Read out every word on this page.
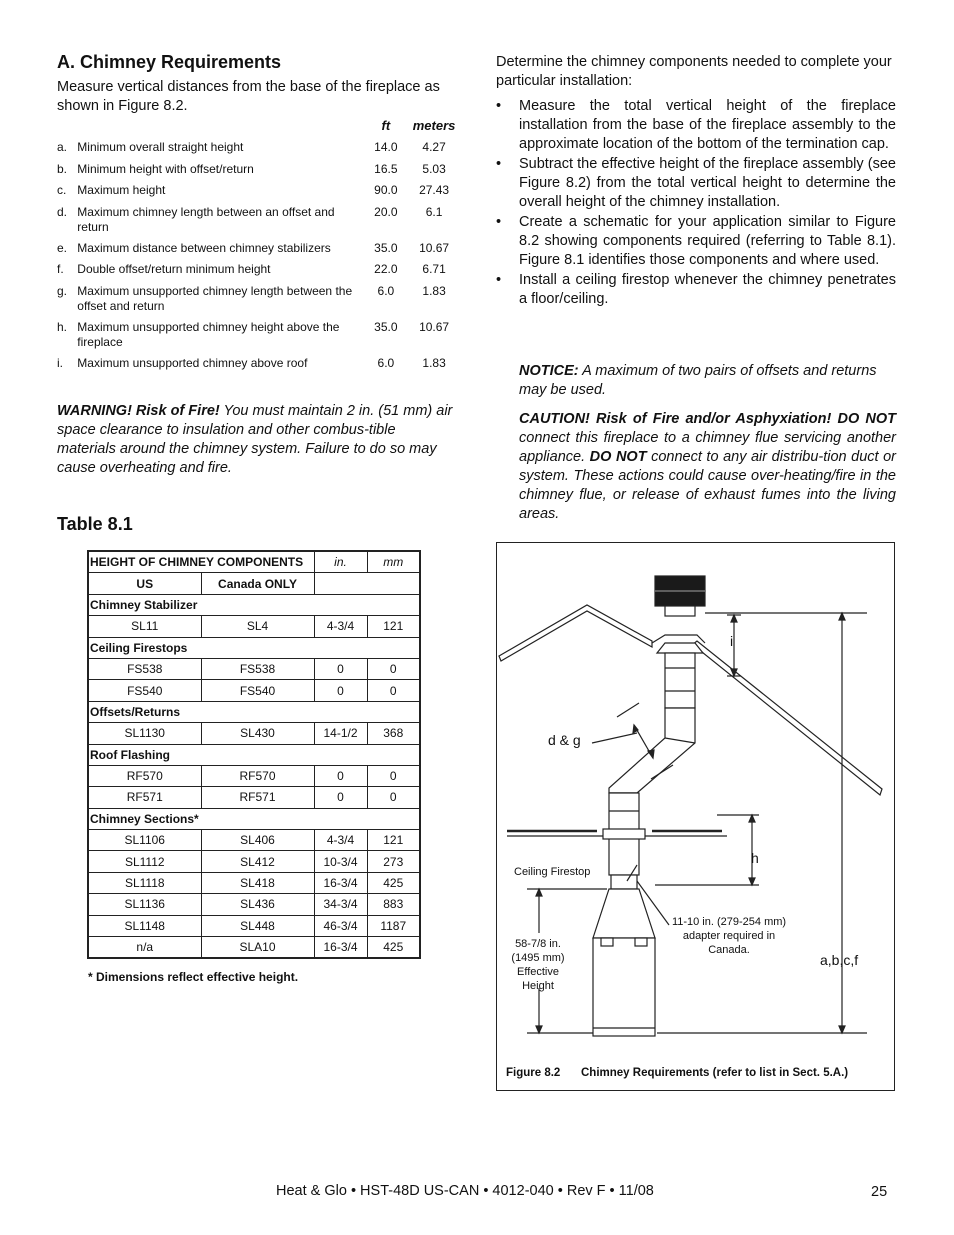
A. Chimney Requirements
Measure vertical distances from the base of the fireplace as shown in Figure 8.2.
		ft	meters
a.	Minimum overall straight height	14.0	4.27
b.	Minimum height with offset/return	16.5	5.03
c.	Maximum height	90.0	27.43
d.	Maximum chimney length between an offset and return	20.0	6.1
e.	Maximum distance between chimney stabilizers	35.0	10.67
f.	Double offset/return minimum height	22.0	6.71
g.	Maximum unsupported chimney length between the offset and return	6.0	1.83
h.	Maximum unsupported chimney height above the fireplace	35.0	10.67
i.	Maximum unsupported chimney above roof	6.0	1.83
WARNING! Risk of Fire! You must maintain 2 in. (51 mm) air space clearance to insulation and other combus-tible materials around the chimney system. Failure to do so may cause overheating and fire.
Table 8.1
HEIGHT OF CHIMNEY COMPONENTS		in.	mm
US	Canada ONLY		
Chimney Stabilizer			
SL11	SL4	4-3/4	121
Ceiling Firestops			
FS538	FS538	0	0
FS540	FS540	0	0
Offsets/Returns			
SL1130	SL430	14-1/2	368
Roof Flashing			
RF570	RF570	0	0
RF571	RF571	0	0
Chimney Sections*			
SL1106	SL406	4-3/4	121
SL1112	SL412	10-3/4	273
SL1118	SL418	16-3/4	425
SL1136	SL436	34-3/4	883
SL1148	SL448	46-3/4	1187
n/a	SLA10	16-3/4	425
* Dimensions reflect effective height.
Determine the chimney components needed to complete your particular installation:
• Measure the total vertical height of the fireplace installation from the base of the fireplace assembly to the approximate location of the bottom of the termination cap.
• Subtract the effective height of the fireplace assembly (see Figure 8.2) from the total vertical height to determine the overall height of the chimney installation.
• Create a schematic for your application similar to Figure 8.2 showing components required (referring to Table 8.1). Figure 8.1 identifies those components and where used.
• Install a ceiling firestop whenever the chimney penetrates a floor/ceiling.
NOTICE: A maximum of two pairs of offsets and returns may be used.
CAUTION! Risk of Fire and/or Asphyxiation! DO NOT connect this fireplace to a chimney flue servicing another appliance. DO NOT connect to any air distribu-tion duct or system. These actions could cause over-heating/fire in the chimney flue, or release of exhaust fumes into the living areas.
i
d & g
h
a,b,c,f
Ceiling Firestop
11-10 in. (279-254 mm)
adapter required in
Canada.
58-7/8 in.
(1495 mm)
Effective
Height
Figure 8.2 Chimney Requirements (refer to list in Sect. 5.A.)
Heat & Glo • HST-48D US-CAN • 4012-040 • Rev F • 11/08	25
